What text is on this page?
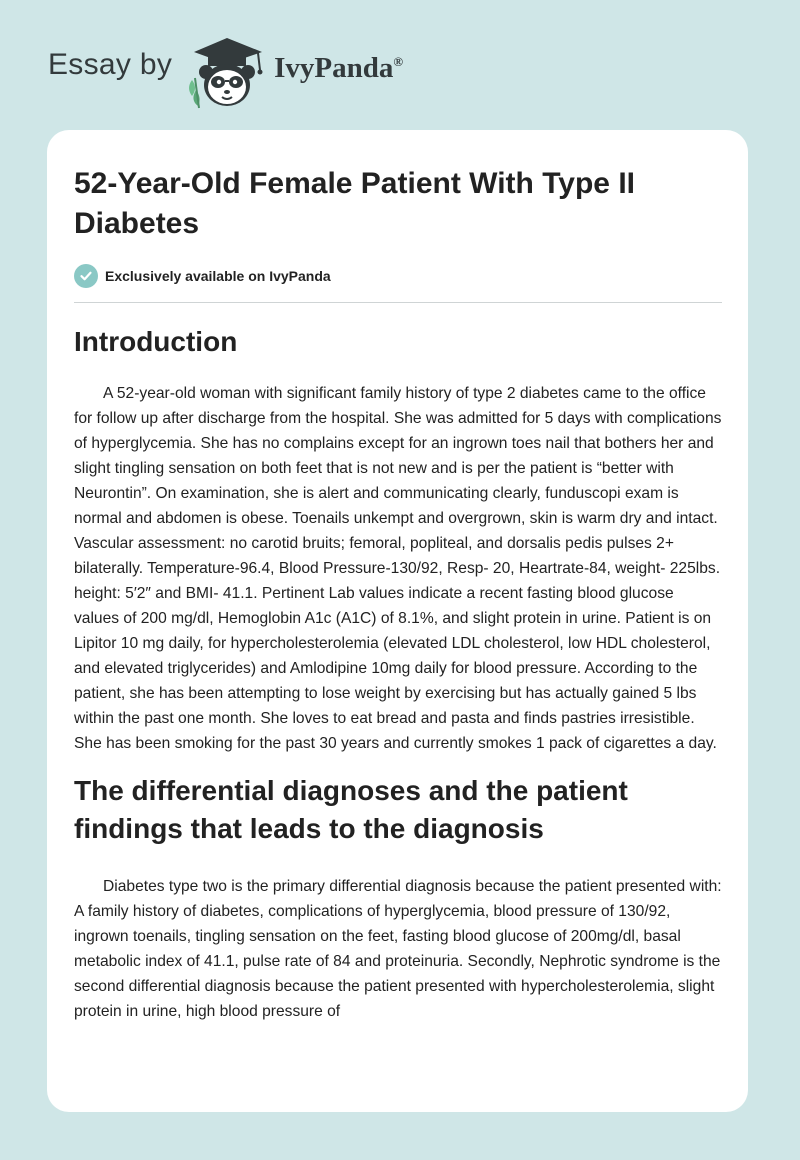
Essay by	IvyPanda®
52-Year-Old Female Patient With Type II Diabetes
Exclusively available on IvyPanda
Introduction

A 52-year-old woman with significant family history of type 2 diabetes came to the office for follow up after discharge from the hospital. She was admitted for 5 days with complications of hyperglycemia. She has no complains except for an ingrown toes nail that bothers her and slight tingling sensation on both feet that is not new and is per the patient is “better with Neurontin”. On examination, she is alert and communicating clearly, funduscopi exam is normal and abdomen is obese. Toenails unkempt and overgrown, skin is warm dry and intact. Vascular assessment: no carotid bruits; femoral, popliteal, and dorsalis pedis pulses 2+ bilaterally. Temperature-96.4, Blood Pressure-130/92, Resp- 20, Heartrate-84, weight- 225lbs. height: 5′2″ and BMI- 41.1. Pertinent Lab values indicate a recent fasting blood glucose values of 200 mg/dl, Hemoglobin A1c (A1C) of 8.1%, and slight protein in urine. Patient is on Lipitor 10 mg daily, for hypercholesterolemia (elevated LDL cholesterol, low HDL cholesterol, and elevated triglycerides) and Amlodipine 10mg daily for blood pressure. According to the patient, she has been attempting to lose weight by exercising but has actually gained 5 lbs within the past one month. She loves to eat bread and pasta and finds pastries irresistible. She has been smoking for the past 30 years and currently smokes 1 pack of cigarettes a day.

The differential diagnoses and the patient findings that leads to the diagnosis

Diabetes type two is the primary differential diagnosis because the patient presented with: A family history of diabetes, complications of hyperglycemia, blood pressure of 130/92, ingrown toenails, tingling sensation on the feet, fasting blood glucose of 200mg/dl, basal metabolic index of 41.1, pulse rate of 84 and proteinuria. Secondly, Nephrotic syndrome is the second differential diagnosis because the patient presented with hypercholesterolemia, slight protein in urine, high blood pressure of
